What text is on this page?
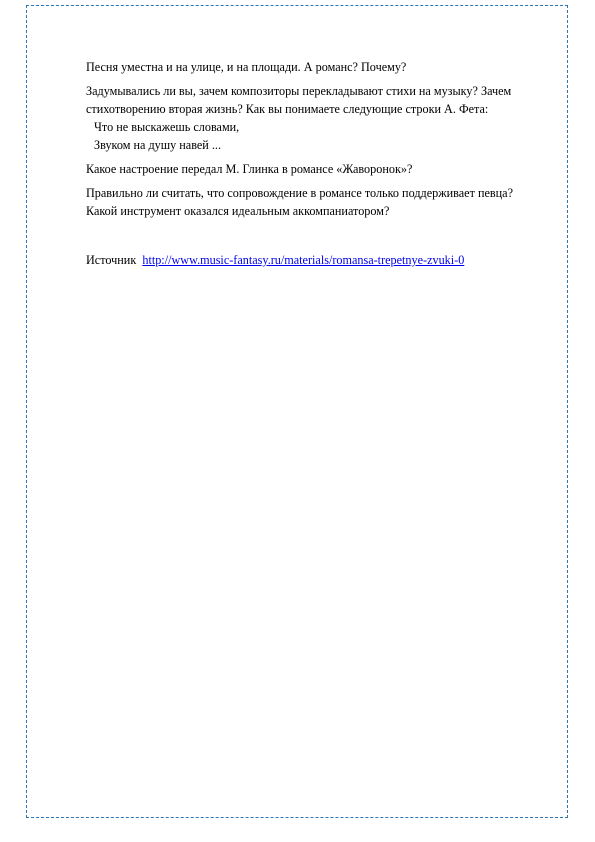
Песня уместна и на улице, и на площади. А романс? Почему?

Задумывались ли вы, зачем композиторы перекладывают стихи на музыку? Зачем стихотворению вторая жизнь? Как вы понимаете следующие строки А. Фета:

Что не выскажешь словами,

Звуком на душу навей ...

Какое настроение передал М. Глинка в романсе «Жаворонок»?

Правильно ли считать, что сопровождение в романсе только поддерживает певца? Какой инструмент оказался идеальным аккомпаниатором?

Источник http://www.music-fantasy.ru/materials/romansa-trepetnye-zvuki-0
